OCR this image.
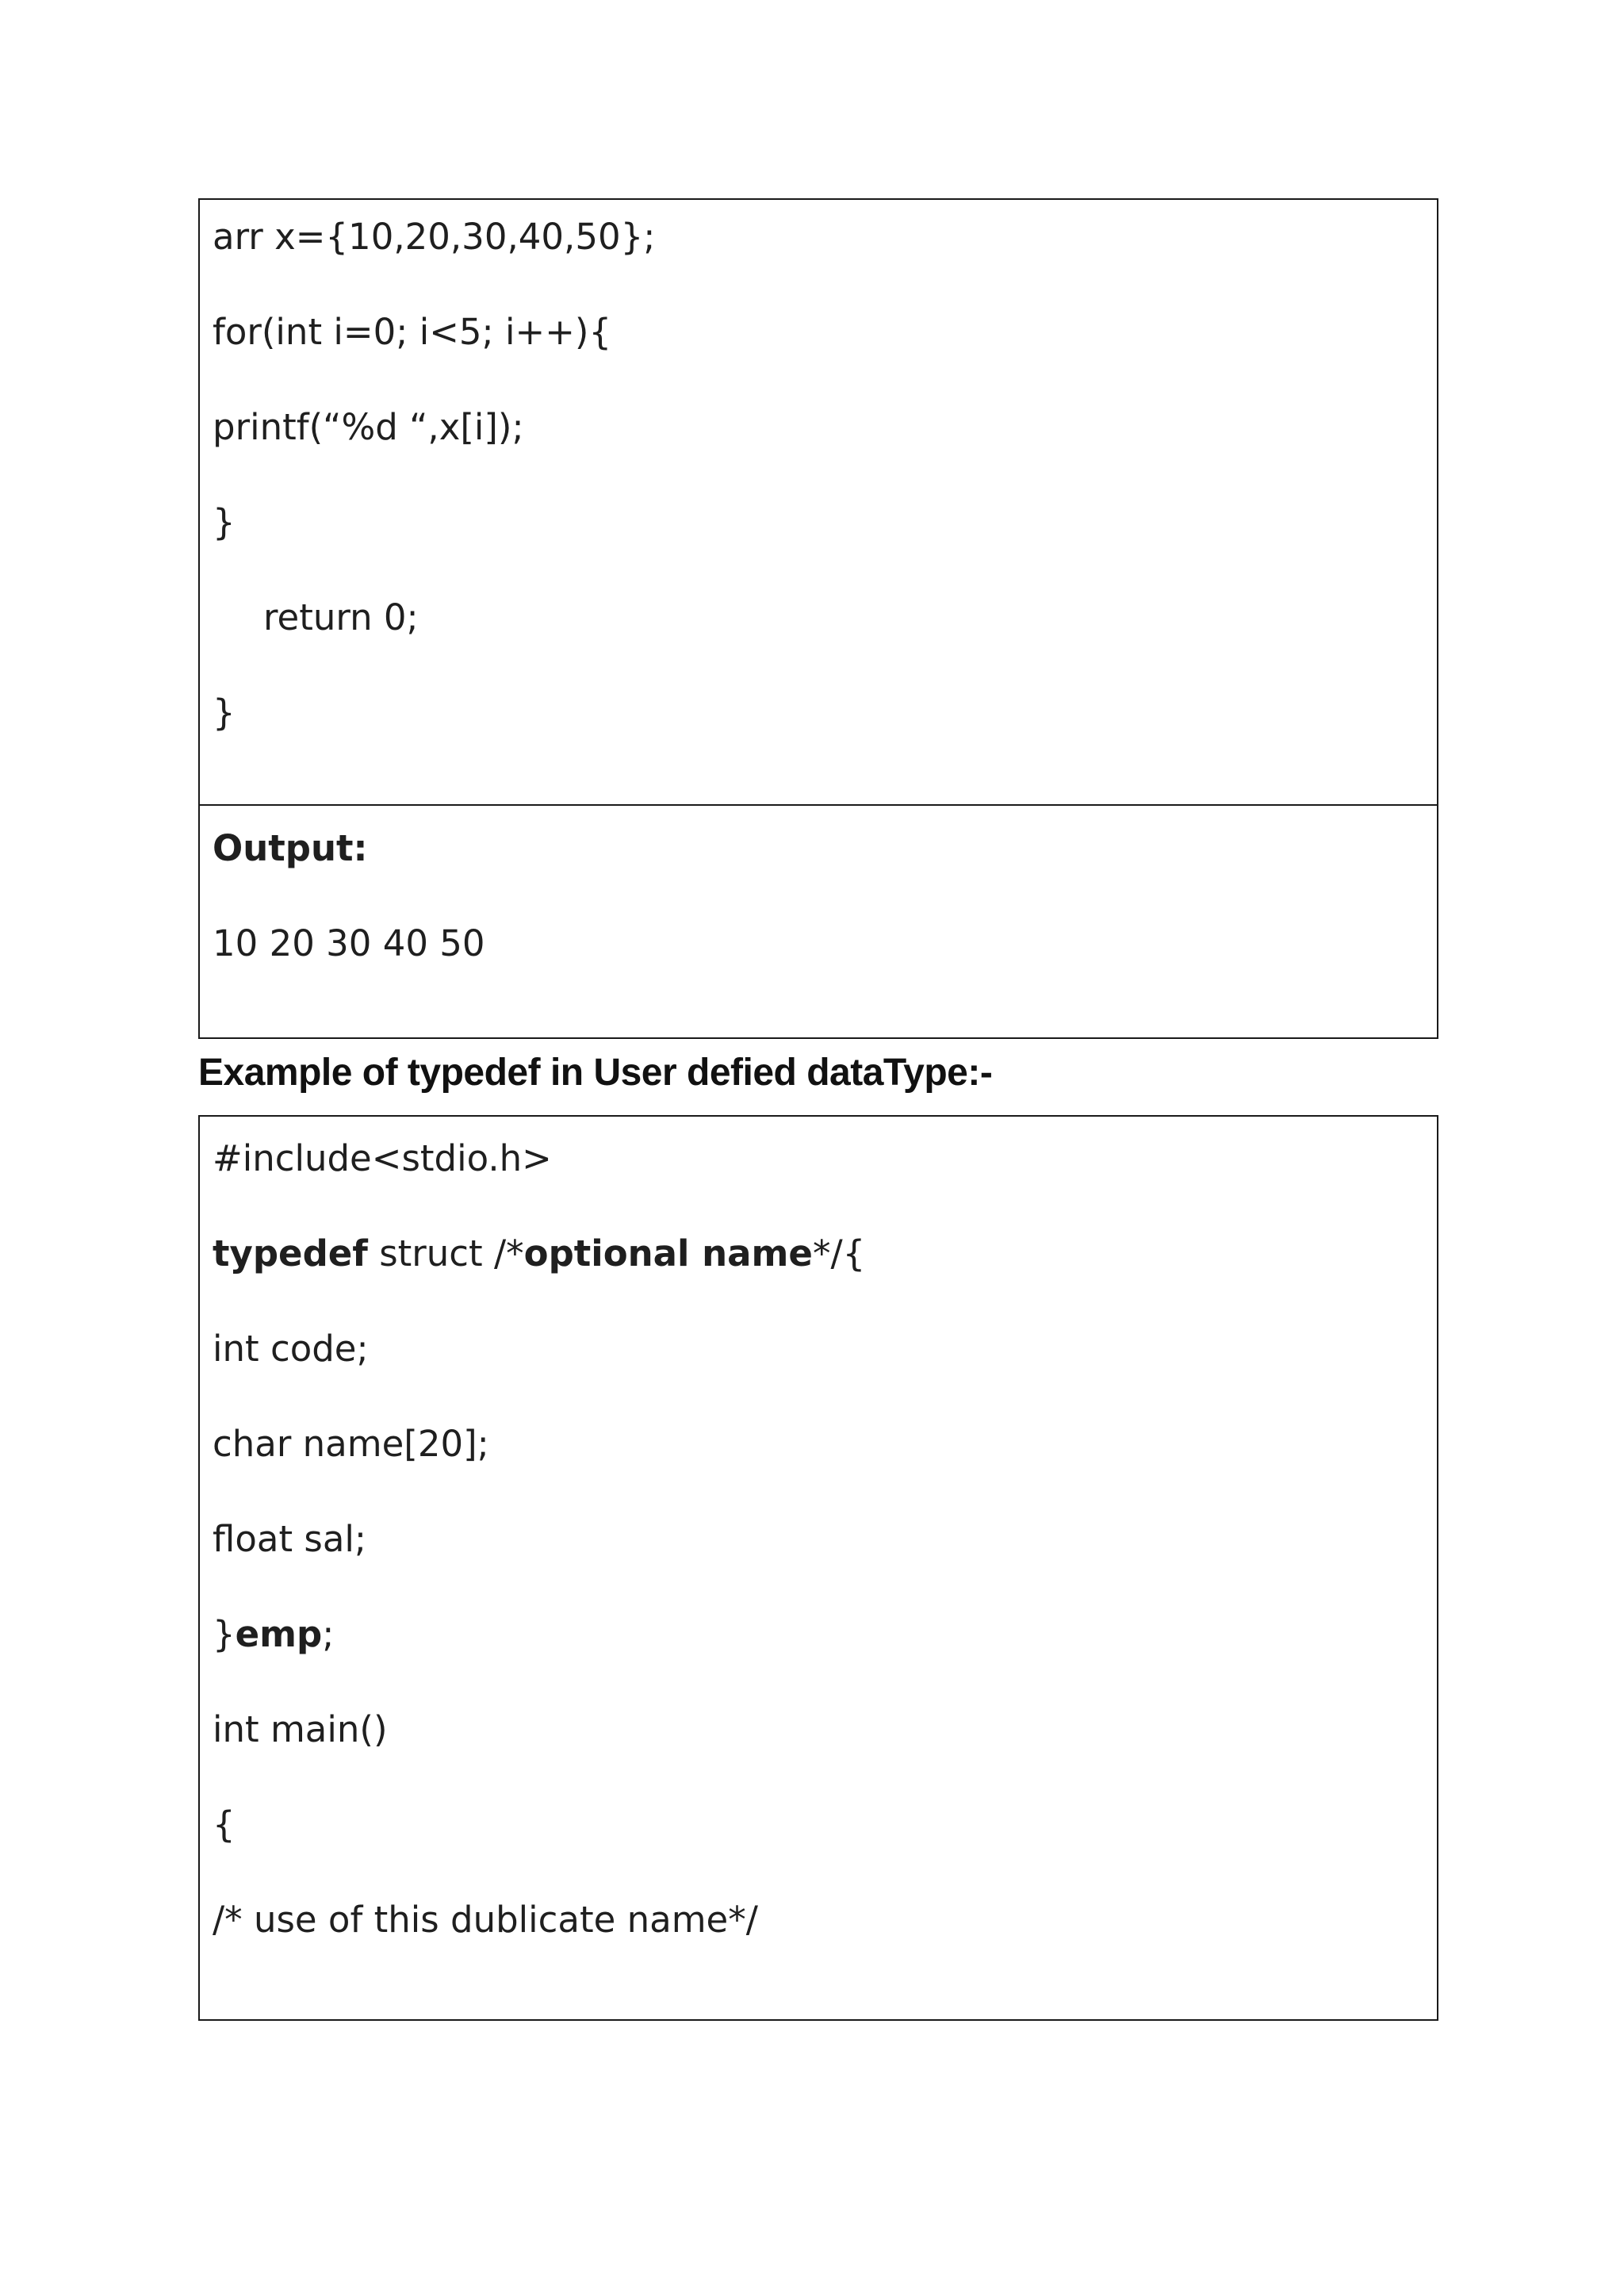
arr x={10,20,30,40,50};
for(int i=0; i<5; i++){
printf(“%d “,x[i]);
}
return 0;
}
Output:
10 20 30 40 50
Example of typedef in User defied dataType:-
#include<stdio.h>
typedef struct /*optional name*/{
int code;
char name[20];
float sal;
}emp;
int main()
{
/* use of this dublicate name*/
